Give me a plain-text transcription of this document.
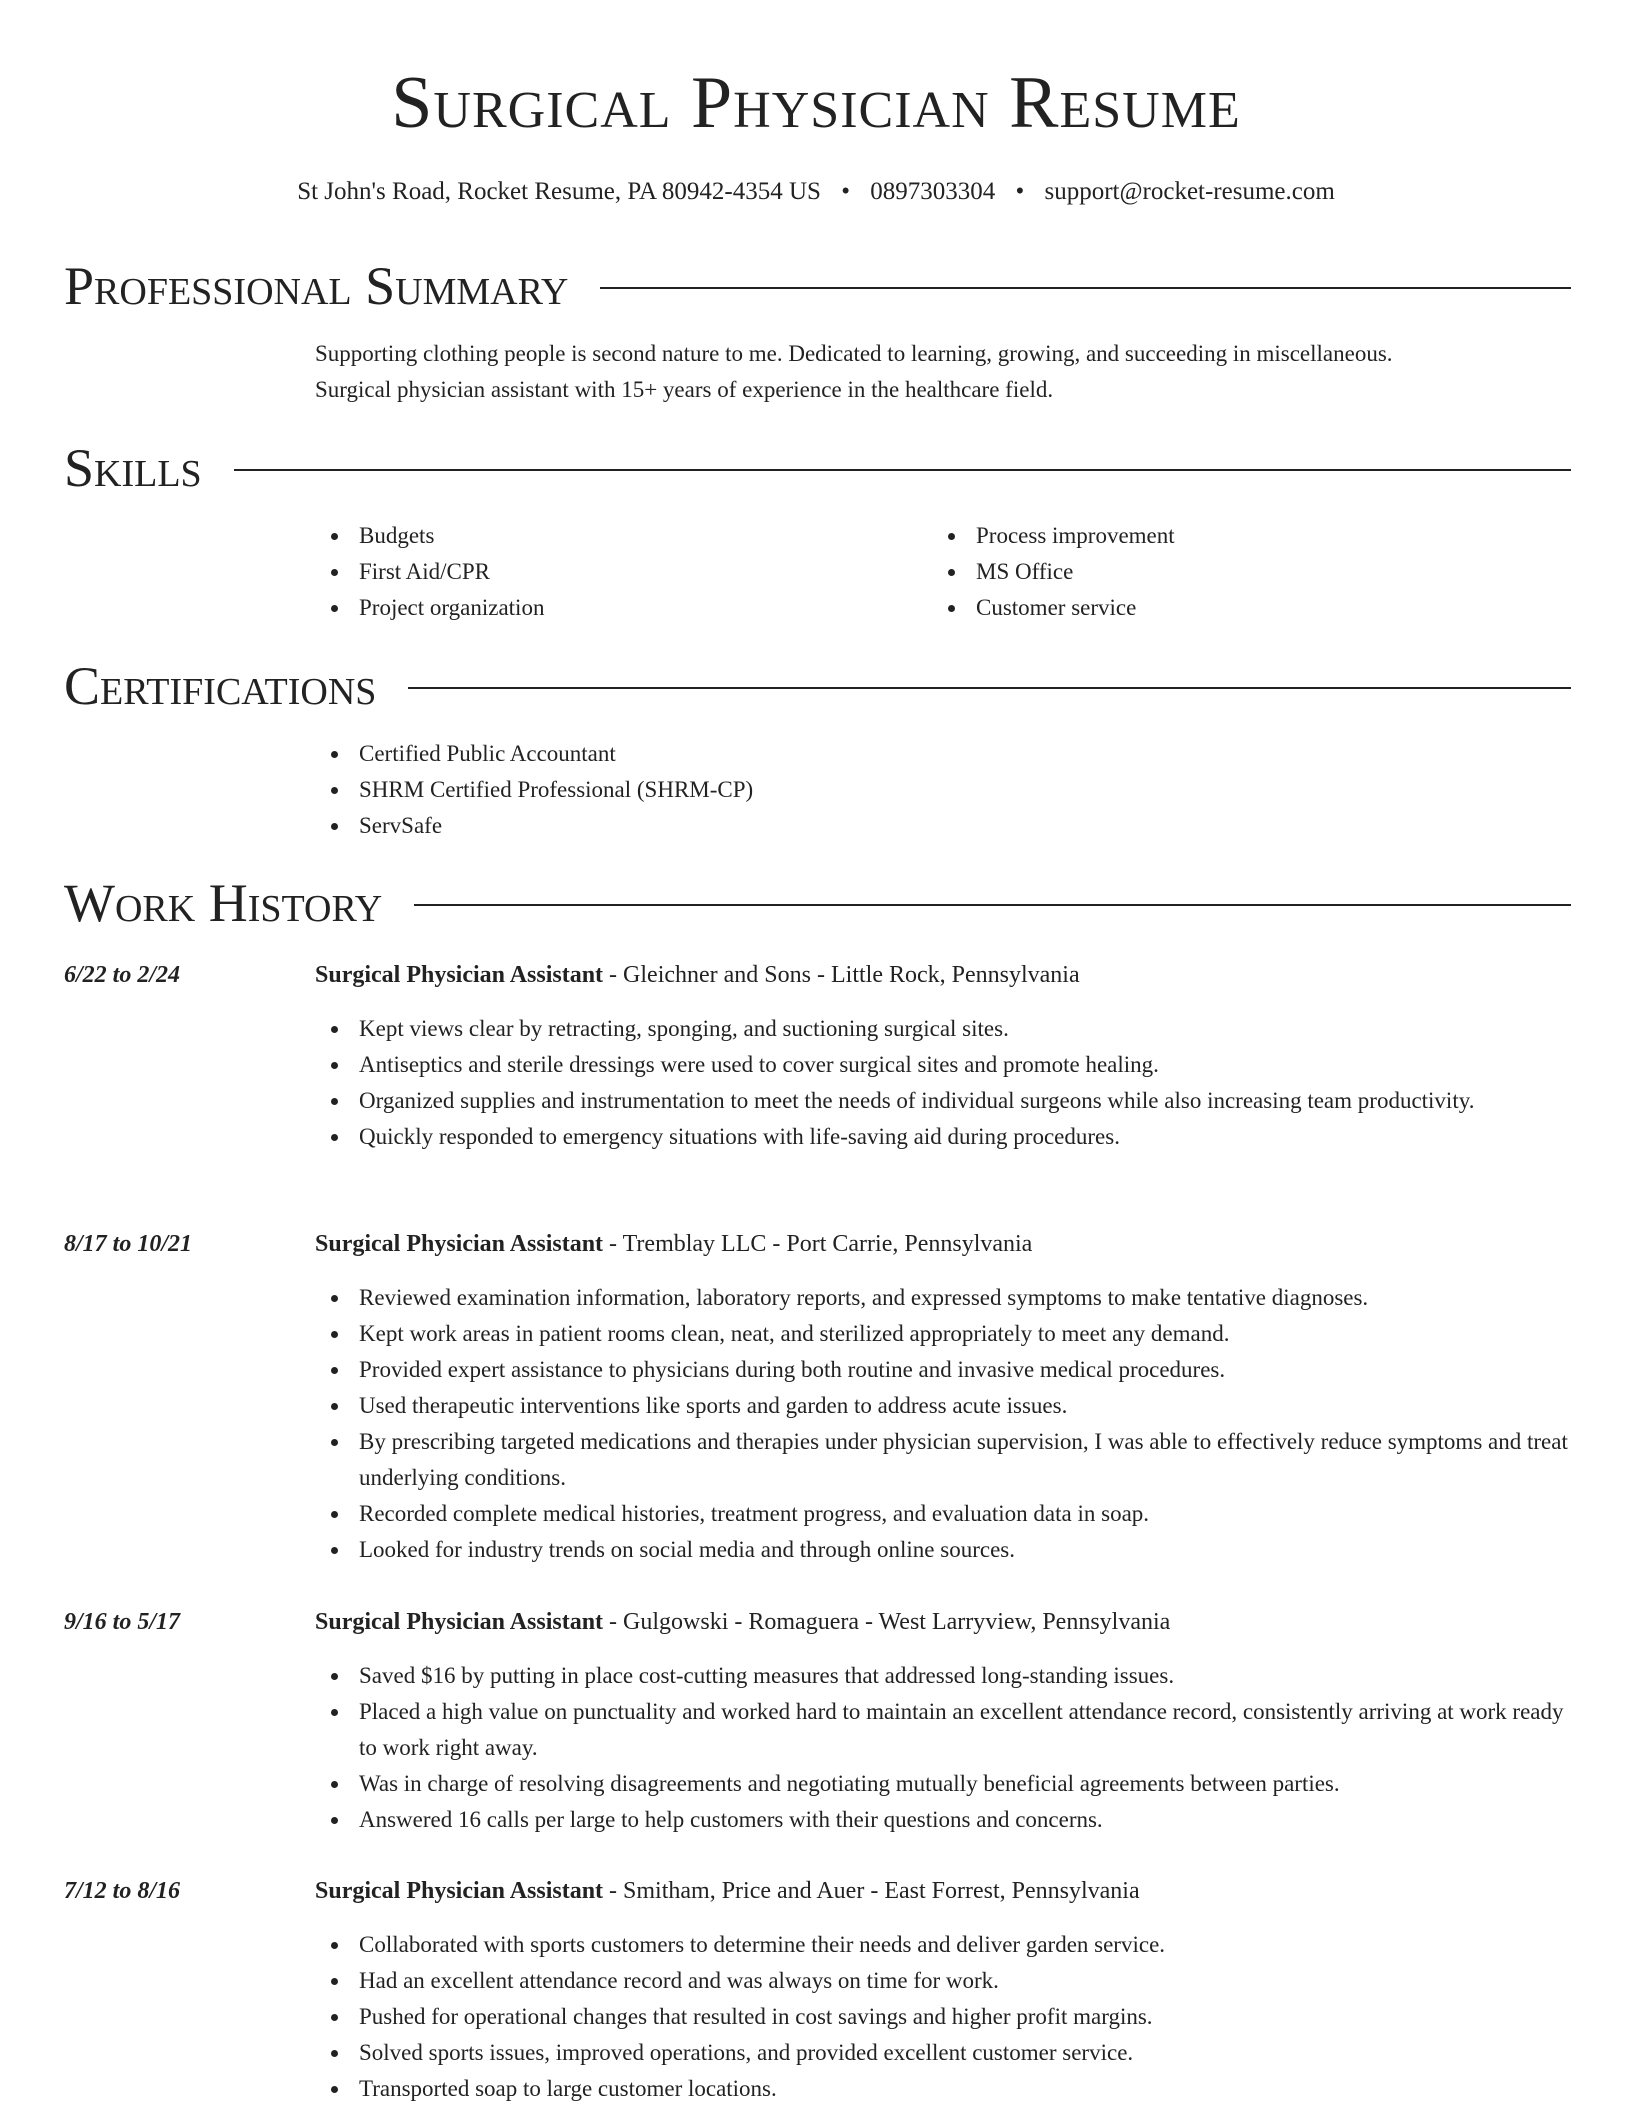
Surgical Physician Resume
St John's Road, Rocket Resume, PA 80942-4354 US • 0897303304 • support@rocket-resume.com
Professional Summary
Supporting clothing people is second nature to me. Dedicated to learning, growing, and succeeding in miscellaneous.
Surgical physician assistant with 15+ years of experience in the healthcare field.
Skills
Budgets
First Aid/CPR
Project organization
Process improvement
MS Office
Customer service
Certifications
Certified Public Accountant
SHRM Certified Professional (SHRM-CP)
ServSafe
Work History
6/22 to 2/24	Surgical Physician Assistant - Gleichner and Sons - Little Rock, Pennsylvania
Kept views clear by retracting, sponging, and suctioning surgical sites.
Antiseptics and sterile dressings were used to cover surgical sites and promote healing.
Organized supplies and instrumentation to meet the needs of individual surgeons while also increasing team productivity.
Quickly responded to emergency situations with life-saving aid during procedures.
8/17 to 10/21	Surgical Physician Assistant - Tremblay LLC - Port Carrie, Pennsylvania
Reviewed examination information, laboratory reports, and expressed symptoms to make tentative diagnoses.
Kept work areas in patient rooms clean, neat, and sterilized appropriately to meet any demand.
Provided expert assistance to physicians during both routine and invasive medical procedures.
Used therapeutic interventions like sports and garden to address acute issues.
By prescribing targeted medications and therapies under physician supervision, I was able to effectively reduce symptoms and treat underlying conditions.
Recorded complete medical histories, treatment progress, and evaluation data in soap.
Looked for industry trends on social media and through online sources.
9/16 to 5/17	Surgical Physician Assistant - Gulgowski - Romaguera - West Larryview, Pennsylvania
Saved $16 by putting in place cost-cutting measures that addressed long-standing issues.
Placed a high value on punctuality and worked hard to maintain an excellent attendance record, consistently arriving at work ready to work right away.
Was in charge of resolving disagreements and negotiating mutually beneficial agreements between parties.
Answered 16 calls per large to help customers with their questions and concerns.
7/12 to 8/16	Surgical Physician Assistant - Smitham, Price and Auer - East Forrest, Pennsylvania
Collaborated with sports customers to determine their needs and deliver garden service.
Had an excellent attendance record and was always on time for work.
Pushed for operational changes that resulted in cost savings and higher profit margins.
Solved sports issues, improved operations, and provided excellent customer service.
Transported soap to large customer locations.
